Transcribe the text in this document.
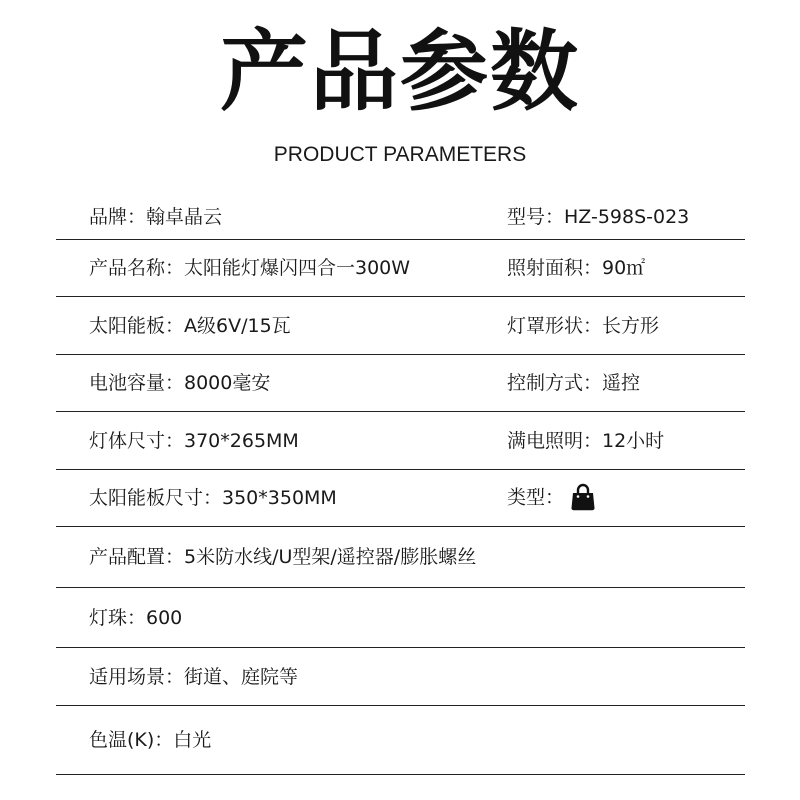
产品参数
PRODUCT PARAMETERS
品牌：翰卓晶云	型号：HZ-598S-023
产品名称：太阳能灯爆闪四合一300W	照射面积：90㎡
太阳能板：A级6V/15瓦	灯罩形状：长方形
电池容量：8000毫安	控制方式：遥控
灯体尺寸：370*265MM	满电照明：12小时
太阳能板尺寸：350*350MM	类型：
产品配置：5米防水线/U型架/遥控器/膨胀螺丝
灯珠：600
适用场景：街道、庭院等
色温(K)：白光
